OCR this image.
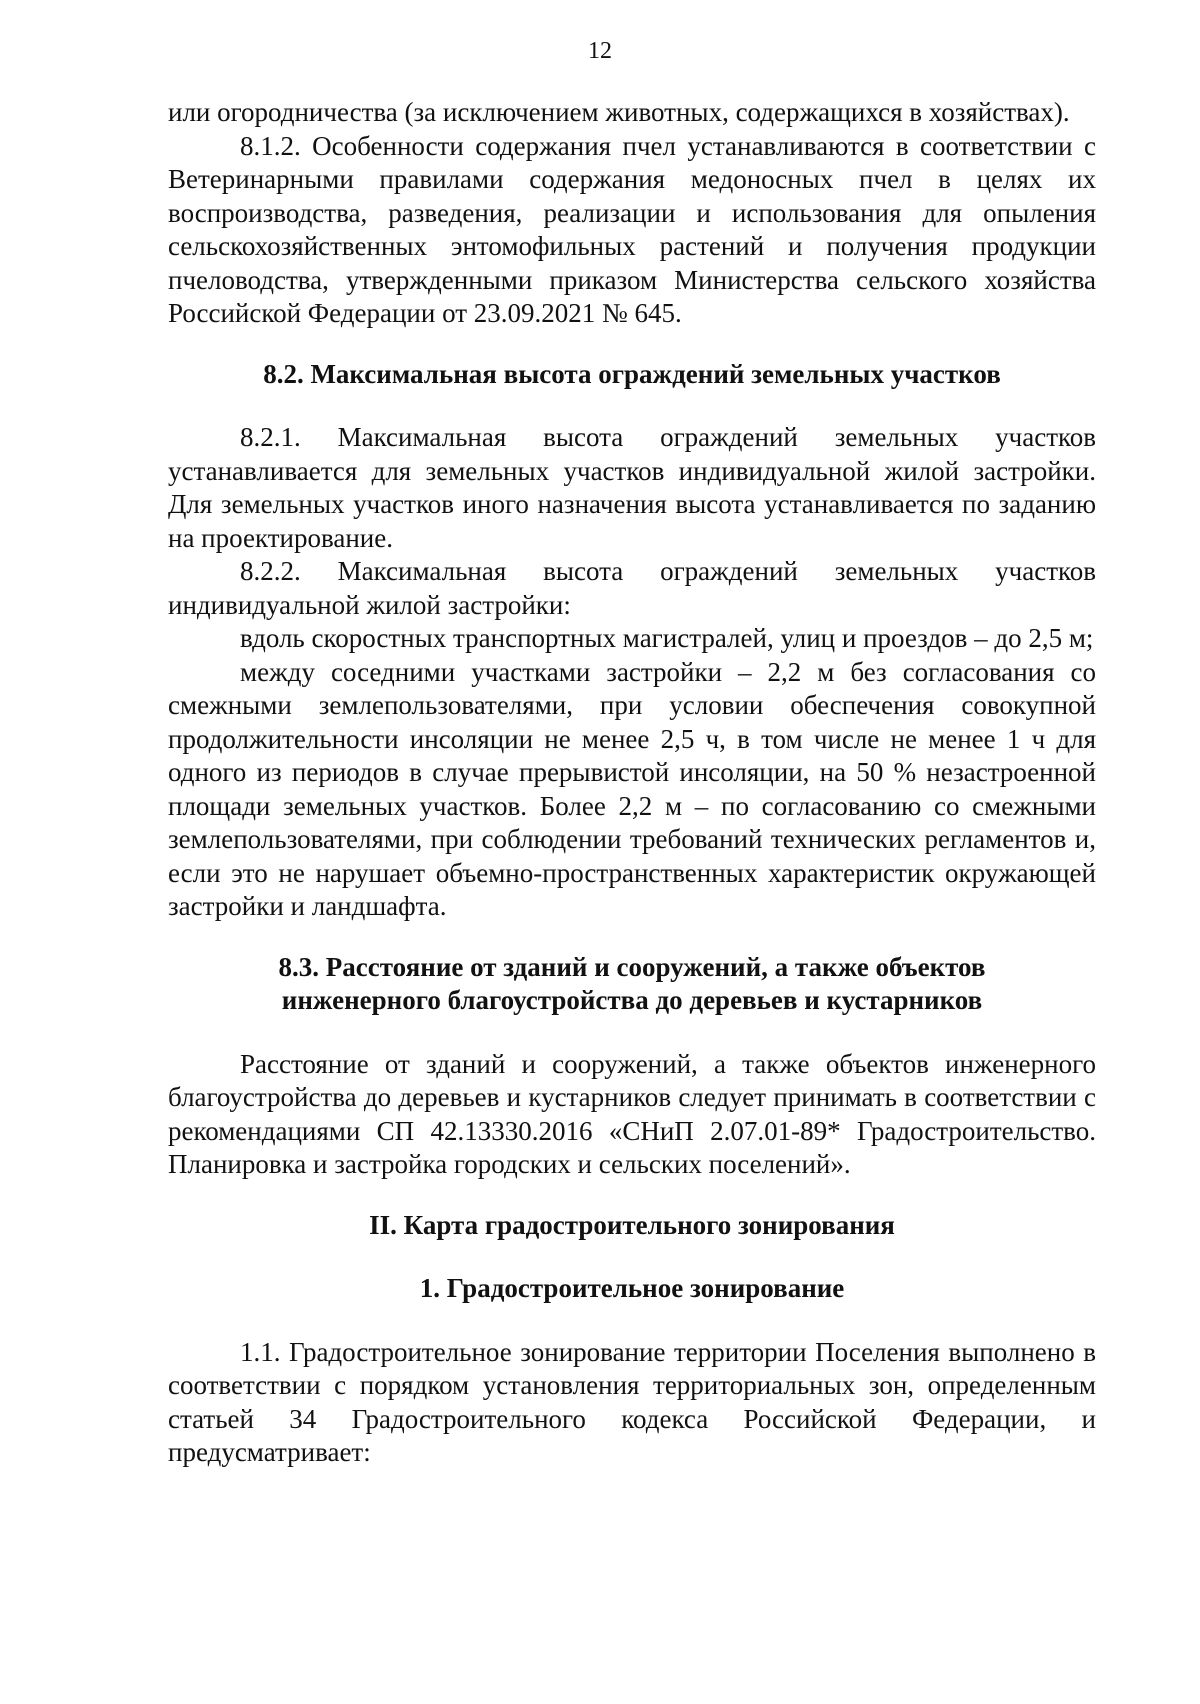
12

или огородничества (за исключением животных, содержащихся в хозяйствах).

8.1.2. Особенности содержания пчел устанавливаются в соответствии с Ветеринарными правилами содержания медоносных пчел в целях их воспроизводства, разведения, реализации и использования для опыления сельскохозяйственных энтомофильных растений и получения продукции пчеловодства, утвержденными приказом Министерства сельского хозяйства Российской Федерации от 23.09.2021 № 645.

8.2. Максимальная высота ограждений земельных участков

8.2.1. Максимальная высота ограждений земельных участков устанавливается для земельных участков индивидуальной жилой застройки. Для земельных участков иного назначения высота устанавливается по заданию на проектирование.

8.2.2. Максимальная высота ограждений земельных участков индивидуальной жилой застройки:

вдоль скоростных транспортных магистралей, улиц и проездов – до 2,5 м;

между соседними участками застройки – 2,2 м без согласования со смежными землепользователями, при условии обеспечения совокупной продолжительности инсоляции не менее 2,5 ч, в том числе не менее 1 ч для одного из периодов в случае прерывистой инсоляции, на 50 % незастроенной площади земельных участков. Более 2,2 м – по согласованию со смежными землепользователями, при соблюдении требований технических регламентов и, если это не нарушает объемно-пространственных характеристик окружающей застройки и ландшафта.

8.3. Расстояние от зданий и сооружений, а также объектов

инженерного благоустройства до деревьев и кустарников

Расстояние от зданий и сооружений, а также объектов инженерного благоустройства до деревьев и кустарников следует принимать в соответствии с рекомендациями СП 42.13330.2016 «СНиП 2.07.01-89* Градостроительство. Планировка и застройка городских и сельских поселений».

II. Карта градостроительного зонирования

1. Градостроительное зонирование

1.1. Градостроительное зонирование территории Поселения выполнено в соответствии с порядком установления территориальных зон, определенным статьей 34 Градостроительного кодекса Российской Федерации, и предусматривает:
